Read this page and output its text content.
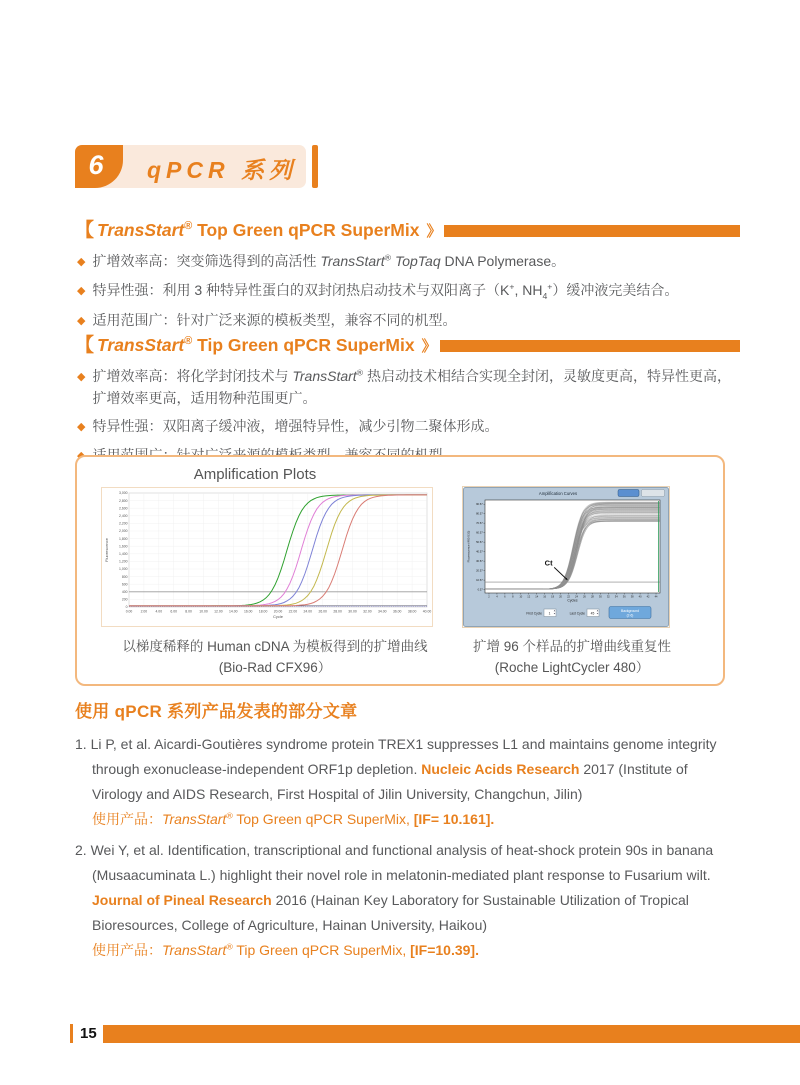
6	qPCR 系列
【 TransStart® Top Green qPCR SuperMix 》
◆ 扩增效率高：突变筛选得到的高活性 TransStart® TopTaq DNA Polymerase。
◆ 特异性强：利用 3 种特异性蛋白的双封闭热启动技术与双阳离子（K+, $NH_4^+$）缓冲液完美结合。
◆ 适用范围广：针对广泛来源的模板类型，兼容不同的机型。
【 TransStart® Tip Green qPCR SuperMix 》
◆ 扩增效率高：将化学封闭技术与 TransStart® 热启动技术相结合实现全封闭，灵敏度更高，特异性更高，扩增效率更高，适用物种范围更广。
◆ 特异性强：双阳离子缓冲液，增强特异性，减少引物二聚体形成。
Amplification Plots
0.00 2.00 4.00 6.00 8.00 10.00 12.00 14.00 16.00 18.00 20.00 22.00 24.00 26.00 28.00 30.00 32.00 34.00 36.00 38.00 40.00
0
200
400
600
800
1,000
1,200
1,400
1,600
1,800
2,000
2,200
2,400
2,600
2,800
3,000
Fluorescence
Cycle
Amplification Curves
0.57
10.57
20.57
30.57
40.57
50.57
60.57
70.57
80.57
90.57
2	4	6	8 10 12 14 16 18 20 22 24 26 28 30 32 34 36 38 40 42 44
Cycles
Fluorescence (483-533)
Ct
First Cycle 1	Last Cycle 45
Background
(2-6)
以梯度稀释的 Human cDNA 为模板得到的扩增曲线
(Bio-Rad CFX96）
扩增 96 个样品的扩增曲线重复性
(Roche LightCycler 480）
使用 qPCR 系列产品发表的部分文章

1. Li P, et al. Aicardi-Goutières syndrome protein TREX1 suppresses L1 and maintains genome integrity through exonuclease-independent ORF1p depletion. Nucleic Acids Research 2017 (Institute of Virology and AIDS Research, First Hospital of Jilin University, Changchun, Jilin)

使用产品：TransStart® Top Green qPCR SuperMix, [IF= 10.161].

2. Wei Y, et al. Identification, transcriptional and functional analysis of heat-shock protein 90s in banana (Musaacuminata L.) highlight their novel role in melatonin-mediated plant response to Fusarium wilt. Journal of Pineal Research 2016 (Hainan Key Laboratory for Sustainable Utilization of Tropical Bioresources, College of Agriculture, Hainan University, Haikou)

使用产品：TransStart® Tip Green qPCR SuperMix, [IF=10.39].

15
